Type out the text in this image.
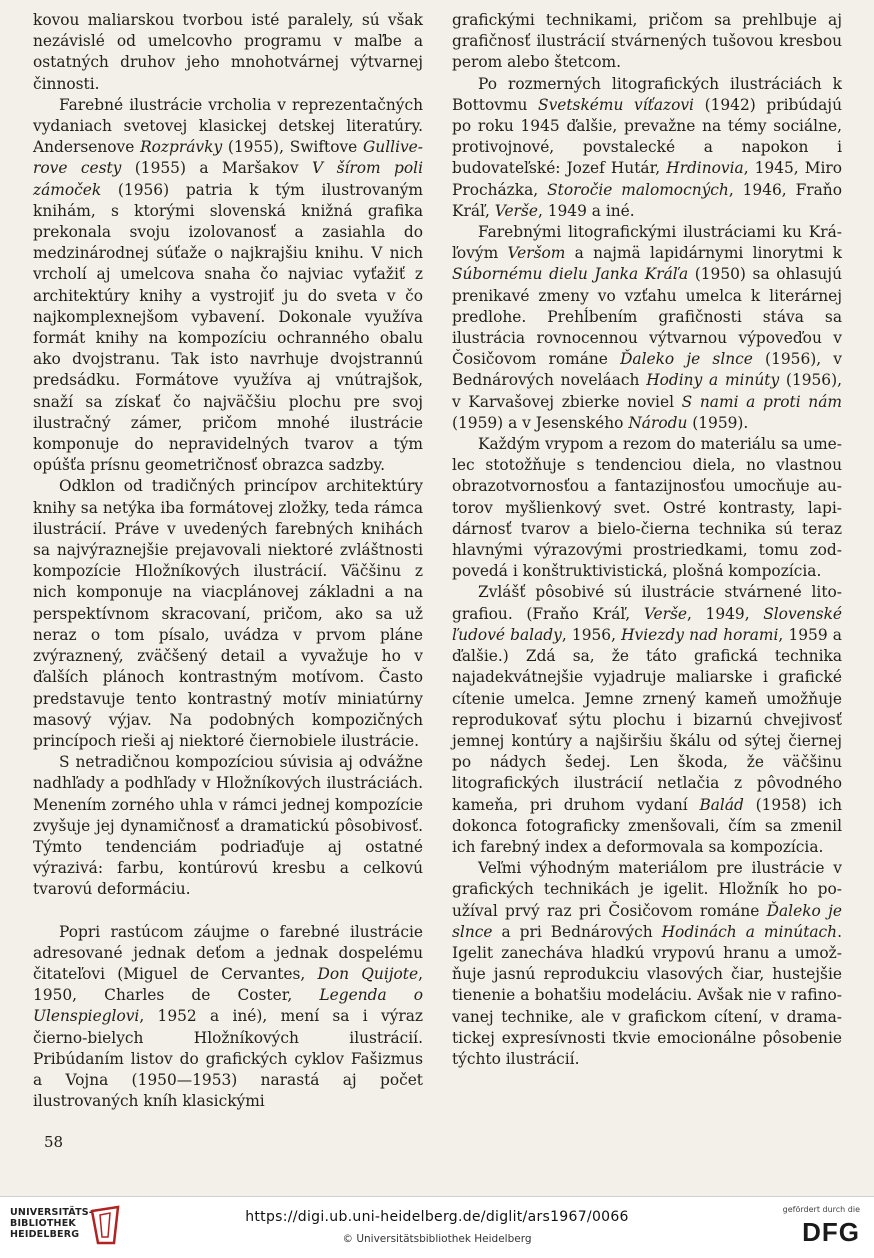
kovou maliarskou tvorbou isté paralely, sú však nezávislé od umelcovho programu v maľbe a ostatných druhov jeho mnohotvárnej výtvarnej činnosti.

Farebné ilustrácie vrcholia v reprezentačných vydaniach svetovej klasickej detskej literatúry. Andersenove Rozprávky (1955), Swiftove Gulliverove cesty (1955) a Maršakov V šírom poli zámoček (1956) patria k tým ilustrovaným knihám, s ktorými slovenská knižná grafika prekonala svoju izolovanosť a zasiahla do medzinárodnej súťaže o najkrajšiu knihu. V nich vrcholí aj umelcova snaha čo najviac vyťažiť z architektúry knihy a vystrojiť ju do sveta v čo najkomplexnejšom vybavení. Dokonale využíva formát knihy na kompozíciu ochranného obalu ako dvojstranu. Tak isto navrhuje dvojstrannú predsádku. Formátove využíva aj vnútrajšok, snaží sa získať čo najväčšiu plochu pre svoj ilustračný zámer, pričom mnohé ilustrácie komponuje do nepravidelných tvarov a tým opúšťa prísnu geometričnosť obrazca sadzby.

Odklon od tradičných princípov architektúry knihy sa netýka iba formátovej zložky, teda rámca ilustrácií. Práve v uvedených farebných knihách sa najvýraznejšie prejavovali niektoré zvláštnosti kompozície Hložníkových ilustrácií. Väčšinu z nich komponuje na viacplánovej základni a na perspektívnom skracovaní, pričom, ako sa už neraz o tom písalo, uvádza v prvom pláne zvýraznený, zväčšený detail a vyvažuje ho v ďalších plánoch kontrastným motívom. Často predstavuje tento kontrastný motív miniatúrny masový výjav. Na podobných kompozičných princípoch rieši aj niektoré čiernobiele ilustrácie.

S netradičnou kompozíciou súvisia aj odvážne nadhľady a podhľady v Hložníkových ilustráciách. Menením zorného uhla v rámci jednej kompozície zvyšuje jej dynamičnosť a dramatickú pôsobivosť. Týmto tendenciám podriaďuje aj ostatné výrazivá: farbu, kontúrovú kresbu a celkovú tvarovú deformáciu.

Popri rastúcom záujme o farebné ilustrácie adresované jednak deťom a jednak dospelému čitateľovi (Miguel de Cervantes, Don Quijote, 1950, Charles de Coster, Legenda o Ulenspieglovi, 1952 a iné), mení sa i výraz čierno-bielych Hložníkových ilustrácií. Pribúdaním listov do grafických cyklov Fašizmus a Vojna (1950—1953) narastá aj počet ilustrovaných kníh klasickými

grafickými technikami, pričom sa prehlbuje aj grafičnosť ilustrácií stvárnených tušovou kresbou perom alebo štetcom.

Po rozmerných litografických ilustráciách k Bottovmu Svetskému víťazovi (1942) pribúdajú po roku 1945 ďalšie, prevažne na témy sociálne, protivojnové, povstalecké a napokon i budovateľské: Jozef Hutár, Hrdinovia, 1945, Miro Procházka, Storočie malomocných, 1946, Fraňo Kráľ, Verše, 1949 a iné.

Farebnými litografickými ilustráciami ku Kráľovým Veršom a najmä lapidárnymi linorytmi k Súbornému dielu Janka Kráľa (1950) sa ohlasujú prenikavé zmeny vo vzťahu umelca k literárnej predlohe. Prehĺbením grafičnosti stáva sa ilustrácia rovnocennou výtvarnou výpoveďou v Čosičovom románe Ďaleko je slnce (1956), v Bednárových noveláach Hodiny a minúty (1956), v Karvašovej zbierke noviel S nami a proti nám (1959) a v Jesenského Národu (1959).

Každým vrypom a rezom do materiálu sa umelec stotožňuje s tendenciou diela, no vlastnou obrazotvornosťou a fantazijnosťou umocňuje autorov myšlienkový svet. Ostré kontrasty, lapidárnosť tvarov a bielo-čierna technika sú teraz hlavnými výrazovými prostriedkami, tomu zodpovedá i konštruktivistická, plošná kompozícia.

Zvlášť pôsobivé sú ilustrácie stvárnené litografiou. (Fraňo Kráľ, Verše, 1949, Slovenské ľudové balady, 1956, Hviezdy nad horami, 1959 a ďalšie.) Zdá sa, že táto grafická technika najadekvátnejšie vyjadruje maliarske i grafické cítenie umelca. Jemne zrnený kameň umožňuje reprodukovať sýtu plochu i bizarnú chvejivosť jemnej kontúry a najširšiu škálu od sýtej čiernej po nádych šedej. Len škoda, že väčšinu litografických ilustrácií netlačia z pôvodného kameňa, pri druhom vydaní Balád (1958) ich dokonca fotograficky zmenšovali, čím sa zmenil ich farebný index a deformovala sa kompozícia.

Veľmi výhodným materiálom pre ilustrácie v grafických technikách je igelit. Hložník ho používal prvý raz pri Čosičovom románe Ďaleko je slnce a pri Bednárových Hodinách a minútach. Igelit zanecháva hladkú vrypovú hranu a umožňuje jasnú reprodukciu vlasových čiar, hustejšie tienenie a bohatšiu modeláciu. Avšak nie v rafinovanej technike, ale v grafickom cítení, v dramatickej expresívnosti tkvie emocionálne pôsobenie týchto ilustrácií.

58
UNIVERSITÄTS-
BIBLIOTHEK
HEIDELBERG
https://digi.ub.uni-heidelberg.de/diglit/ars1967/0066
© Universitätsbibliothek Heidelberg
gefördert durch die
DFG
